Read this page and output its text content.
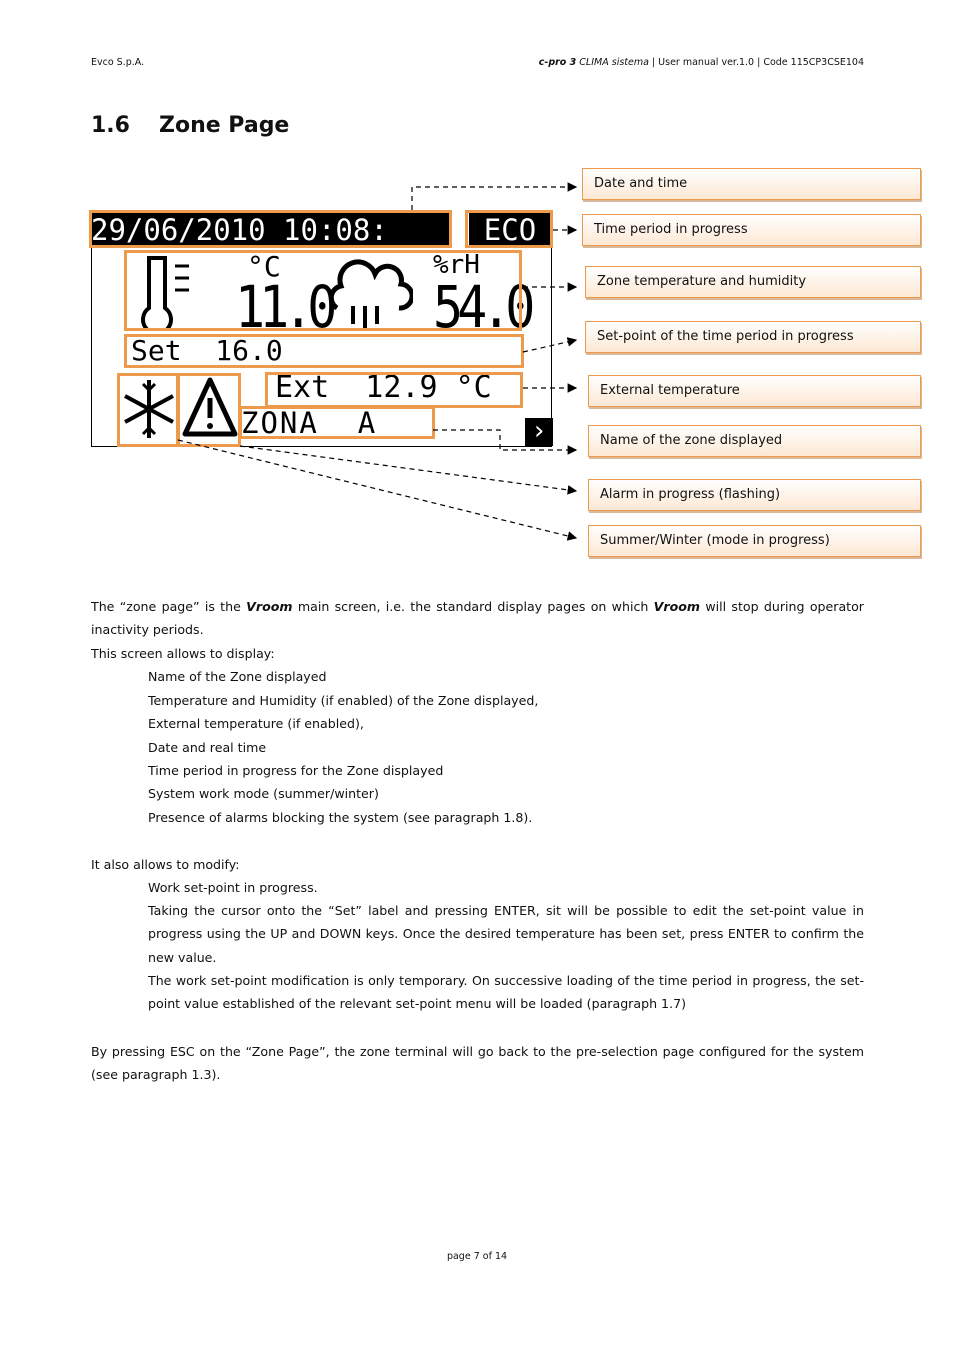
Evco S.p.A.	c-pro 3 CLIMA sistema | User manual ver.1.0 | Code 115CP3CSE104
1.6 Zone Page
29/06/2010 10:08:	ECO
°C	%rH
11.0 54.0
Set  16.0
Ext  12.9 °C
ZONA  A	›
Date and time
Time period in progress
Zone temperature and humidity
Set-point of the time period in progress
External temperature
Name of the zone displayed
Alarm in progress (flashing)
Summer/Winter (mode in progress)
The “zone page” is the Vroom main screen, i.e. the standard display pages on which Vroom will stop during operator inactivity periods.
This screen allows to display:
Name of the Zone displayed
Temperature and Humidity (if enabled) of the Zone displayed,
External temperature (if enabled),
Date and real time
Time period in progress for the Zone displayed
System work mode (summer/winter)
Presence of alarms blocking the system (see paragraph 1.8).
It also allows to modify:
Work set-point in progress.
Taking the cursor onto the “Set” label and pressing ENTER, sit will be possible to edit the set-point value in progress using the UP and DOWN keys. Once the desired temperature has been set, press ENTER to confirm the new value.
The work set-point modification is only temporary. On successive loading of the time period in progress, the set-point value established of the relevant set-point menu will be loaded (paragraph 1.7)
By pressing ESC on the “Zone Page”, the zone terminal will go back to the pre-selection page configured for the system (see paragraph 1.3).
page 7 of 14
